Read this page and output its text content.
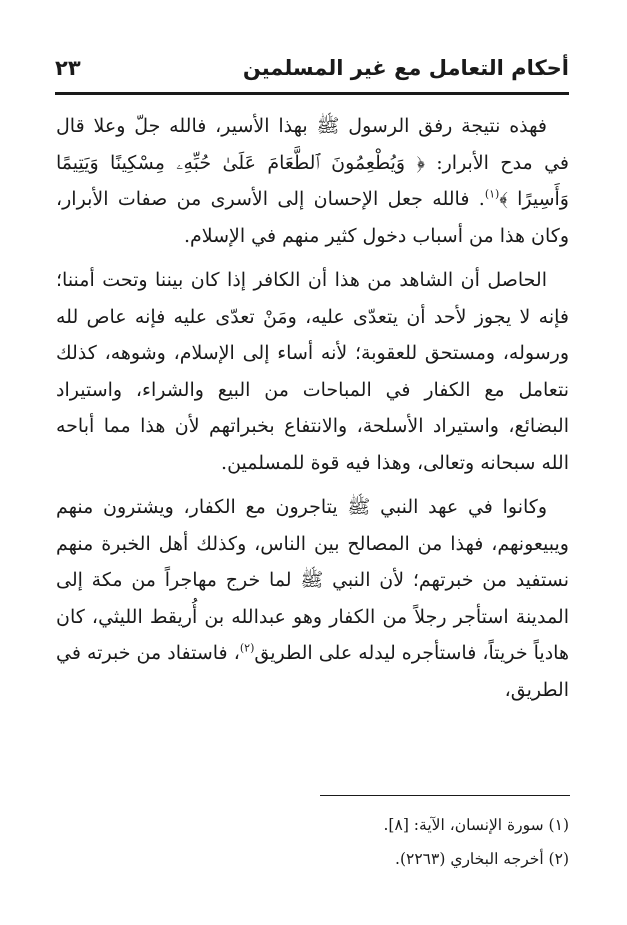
أحكام التعامل مع غير المسلمين
٢٣

فهذه نتيجة رفق الرسول ﷺ بهذا الأسير، فالله جلّ وعلا قال في مدح الأبرار: ﴿ وَيُطْعِمُونَ ٱلطَّعَامَ عَلَىٰ حُبِّهِۦ مِسْكِينًا وَيَتِيمًا وَأَسِيرًا ﴾$^{(١)}$. فالله جعل الإحسان إلى الأسرى من صفات الأبرار، وكان هذا من أسباب دخول كثير منهم في الإسلام.

الحاصل أن الشاهد من هذا أن الكافر إذا كان بيننا وتحت أمننا؛ فإنه لا يجوز لأحد أن يتعدّى عليه، ومَنْ تعدّى عليه فإنه عاص لله ورسوله، ومستحق للعقوبة؛ لأنه أساء إلى الإسلام، وشوهه، كذلك نتعامل مع الكفار في المباحات من البيع والشراء، واستيراد البضائع، واستيراد الأسلحة، والانتفاع بخبراتهم لأن هذا مما أباحه الله سبحانه وتعالى، وهذا فيه قوة للمسلمين.

وكانوا في عهد النبي ﷺ يتاجرون مع الكفار، ويشترون منهم ويبيعونهم، فهذا من المصالح بين الناس، وكذلك أهل الخبرة منهم نستفيد من خبرتهم؛ لأن النبي ﷺ لما خرج مهاجراً من مكة إلى المدينة استأجر رجلاً من الكفار وهو عبدالله بن أُريقط الليثي، كان هادياً خريتاً، فاستأجره ليدله على الطريق$^{(٢)}$، فاستفاد من خبرته في الطريق،

(١) سورة الإنسان، الآية: [٨].
(٢) أخرجه البخاري (٢٢٦٣).
